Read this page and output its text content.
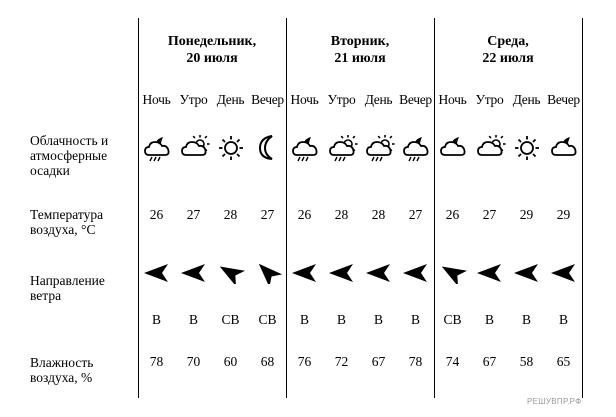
Понедельник,
20 июля
Вторник,
21 июля
Среда,
22 июля
Облачность и
атмосферные
осадки
Температура
воздуха, °C
Направление
ветра
Влажность
воздуха, %
Ночь
26
В
78
Утро
27
В
70
День
28
СВ
60
Вечер
27
СВ
68
Ночь
26
В
76
Утро
28
В
72
День
28
В
67
Вечер
27
В
78
Ночь
26
СВ
74
Утро
27
В
67
День
29
В
58
Вечер
29
В
65
РЕШУВПР.РФ
